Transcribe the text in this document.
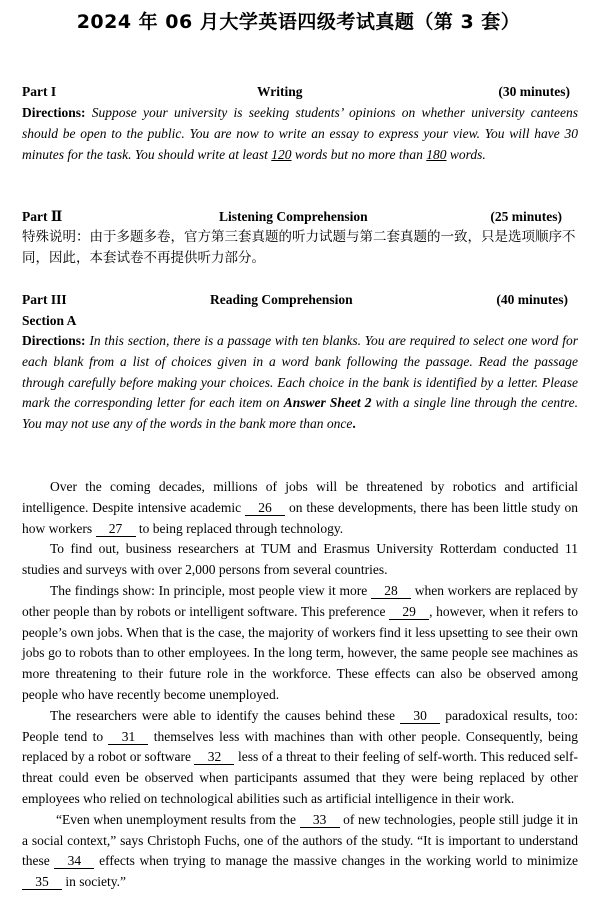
2024 年 06 月大学英语四级考试真题（第 3 套）
Part I	Writing	(30 minutes)
Directions: Suppose your university is seeking students’ opinions on whether university canteens should be open to the public. You are now to write an essay to express your view. You will have 30 minutes for the task. You should write at least 120 words but no more than 180 words.
Part Ⅱ	Listening Comprehension	(25 minutes)
特殊说明：由于多题多卷，官方第三套真题的听力试题与第二套真题的一致，只是选项顺序不同，因此，本套试卷不再提供听力部分。
Part III	Reading Comprehension	(40 minutes)
Section A
Directions: In this section, there is a passage with ten blanks. You are required to select one word for each blank from a list of choices given in a word bank following the passage. Read the passage through carefully before making your choices. Each choice in the bank is identified by a letter. Please mark the corresponding letter for each item on Answer Sheet 2 with a single line through the centre. You may not use any of the words in the bank more than once.

Over the coming decades, millions of jobs will be threatened by robotics and artificial intelligence. Despite intensive academic 26 on these developments, there has been little study on how workers 27 to being replaced through technology.

To find out, business researchers at TUM and Erasmus University Rotterdam conducted 11 studies and surveys with over 2,000 persons from several countries.

The findings show: In principle, most people view it more 28 when workers are replaced by other people than by robots or intelligent software. This preference 29 , however, when it refers to people’s own jobs. When that is the case, the majority of workers find it less upsetting to see their own jobs go to robots than to other employees. In the long term, however, the same people see machines as more threatening to their future role in the workforce. These effects can also be observed among people who have recently become unemployed.

The researchers were able to identify the causes behind these 30 paradoxical results, too: People tend to 31 themselves less with machines than with other people. Consequently, being replaced by a robot or software 32 less of a threat to their feeling of self-worth. This reduced self-threat could even be observed when participants assumed that they were being replaced by other employees who relied on technological abilities such as artificial intelligence in their work.

“Even when unemployment results from the 33 of new technologies, people still judge it in a social context,” says Christoph Fuchs, one of the authors of the study. “It is important to understand these 34 effects when trying to manage the massive changes in the working world to minimize 35 in society.”
